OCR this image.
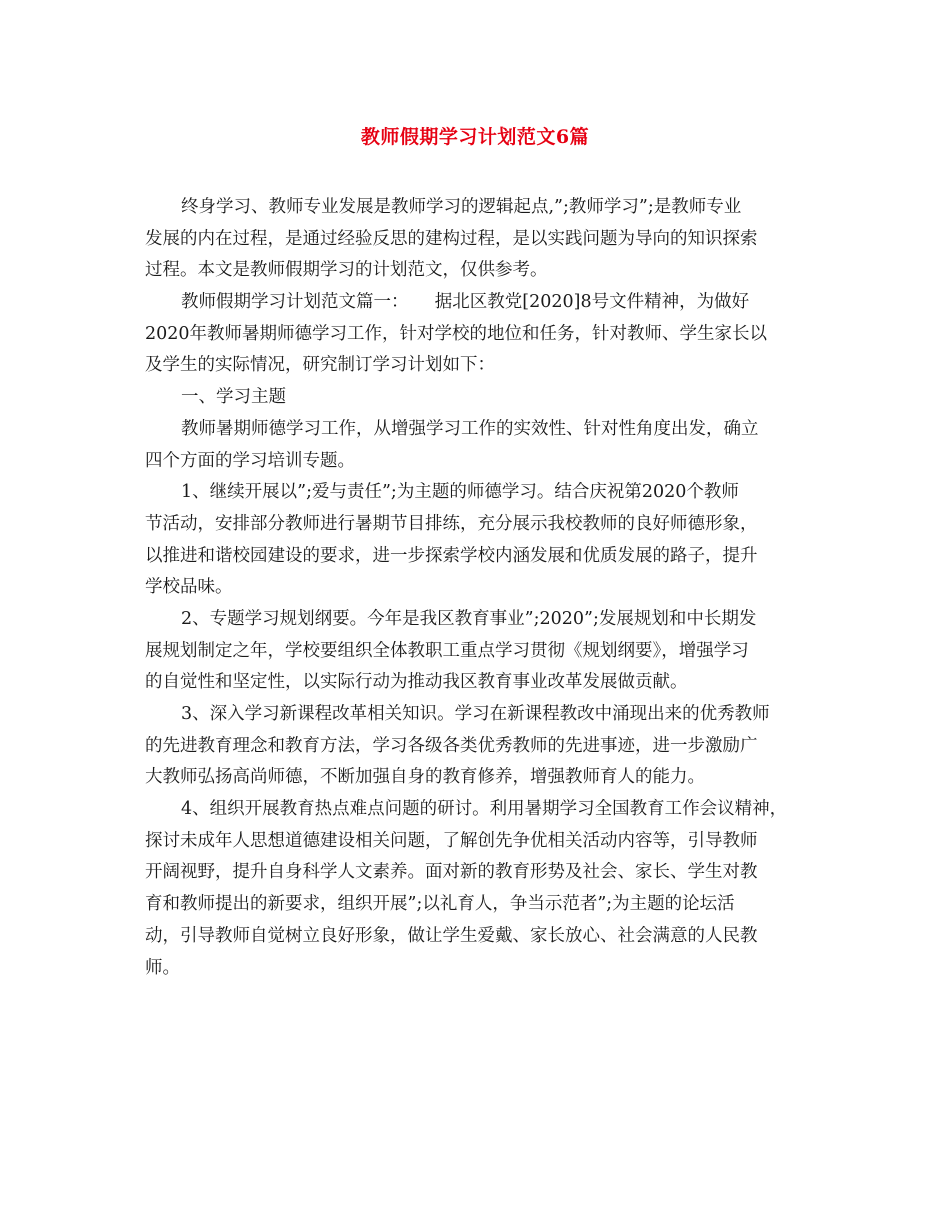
教师假期学习计划范文6篇
终身学习、教师专业发展是教师学习的逻辑起点,”;教师学习”;是教师专业
发展的内在过程，是通过经验反思的建构过程，是以实践问题为导向的知识探索
过程。本文是教师假期学习的计划范文，仅供参考。
教师假期学习计划范文篇一：　　据北区教党[2020]8号文件精神，为做好
2020年教师暑期师德学习工作，针对学校的地位和任务，针对教师、学生家长以
及学生的实际情况，研究制订学习计划如下：
一、学习主题
教师暑期师德学习工作，从增强学习工作的实效性、针对性角度出发，确立
四个方面的学习培训专题。
1、继续开展以”;爱与责任”;为主题的师德学习。结合庆祝第2020个教师
节活动，安排部分教师进行暑期节目排练，充分展示我校教师的良好师德形象，
以推进和谐校园建设的要求，进一步探索学校内涵发展和优质发展的路子，提升
学校品味。
2、专题学习规划纲要。今年是我区教育事业”;2020”;发展规划和中长期发
展规划制定之年，学校要组织全体教职工重点学习贯彻《规划纲要》，增强学习
的自觉性和坚定性，以实际行动为推动我区教育事业改革发展做贡献。
3、深入学习新课程改革相关知识。学习在新课程教改中涌现出来的优秀教师
的先进教育理念和教育方法，学习各级各类优秀教师的先进事迹，进一步激励广
大教师弘扬高尚师德，不断加强自身的教育修养，增强教师育人的能力。
4、组织开展教育热点难点问题的研讨。利用暑期学习全国教育工作会议精神，
探讨未成年人思想道德建设相关问题，了解创先争优相关活动内容等，引导教师
开阔视野，提升自身科学人文素养。面对新的教育形势及社会、家长、学生对教
育和教师提出的新要求，组织开展”;以礼育人，争当示范者”;为主题的论坛活
动，引导教师自觉树立良好形象，做让学生爱戴、家长放心、社会满意的人民教
师。
